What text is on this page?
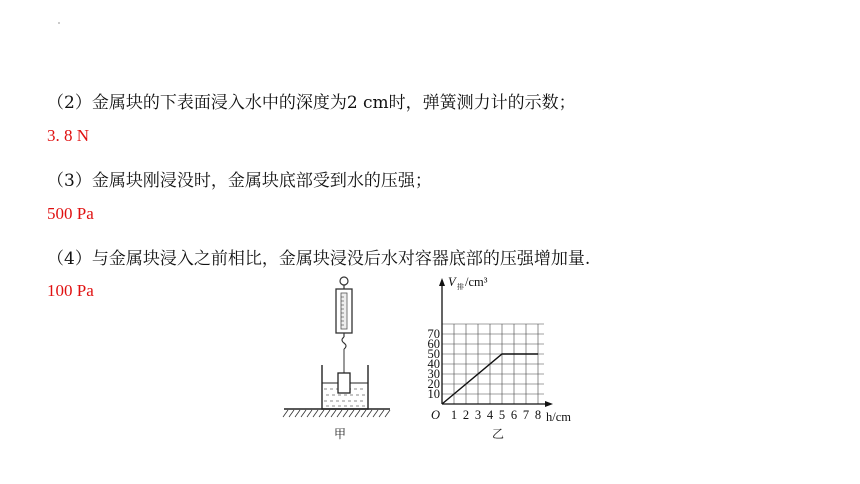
（2）金属块的下表面浸入水中的深度为2 cm时，弹簧测力计的示数；
3. 8 N
（3）金属块刚浸没时，金属块底部受到水的压强；
500 Pa
（4）与金属块浸入之前相比，金属块浸没后水对容器底部的压强增加量.
100 Pa
甲
10
20
30
40
50
60
70
1 2 3 4 5 6 7 8
V 排 /cm³
O	h/cm
乙
